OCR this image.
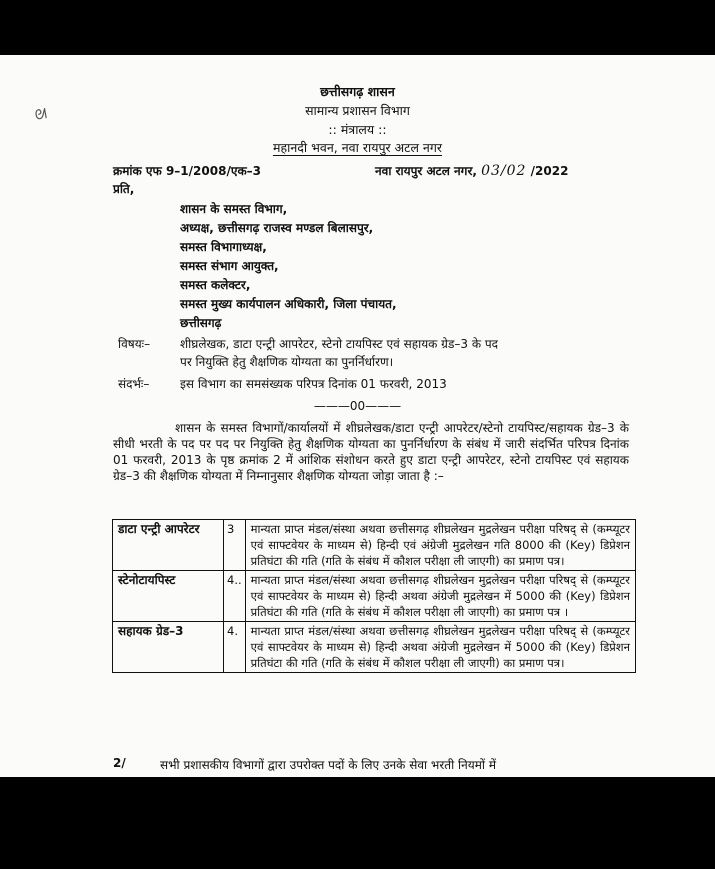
ᘛ
छत्तीसगढ़ शासन
सामान्य प्रशासन विभाग
:: मंत्रालय ::
महानदी भवन, नवा रायपुर अटल नगर
क्रमांक एफ 9–1/2008/एक–3	नवा रायपुर अटल नगर, 03/02 /2022
प्रति,
शासन के समस्त विभाग,
अध्यक्ष, छत्तीसगढ़ राजस्व मण्डल बिलासपुर,
समस्त विभागाध्यक्ष,
समस्त संभाग आयुक्त,
समस्त कलेक्टर,
समस्त मुख्य कार्यपालन अधिकारी, जिला पंचायत,
छत्तीसगढ़
विषयः– शीघ्रलेखक, डाटा एन्ट्री आपरेटर, स्टेनो टायपिस्ट एवं सहायक ग्रेड–3 के पद
पर नियुक्ति हेतु शैक्षणिक योग्यता का पुनर्निर्धारण।
संदर्भः–	इस विभाग का समसंख्यक परिपत्र दिनांक 01 फरवरी, 2013
———00———
शासन के समस्त विभागों/कार्यालयों में शीघ्रलेखक/डाटा एन्ट्री आपरेटर/स्टेनो टायपिस्ट/सहायक ग्रेड–3 के सीधी भरती के पद पर पद पर नियुक्ति हेतु शैक्षणिक योग्यता का पुनर्निर्धारण के संबंध में जारी संदर्भित परिपत्र दिनांक 01 फरवरी, 2013 के पृष्ठ क्रमांक 2 में आंशिक संशोधन करते हुए डाटा एन्ट्री आपरेटर, स्टेनो टायपिस्ट एवं सहायक ग्रेड–3 की शैक्षणिक योग्यता में निम्नानुसार शैक्षणिक योग्यता जोड़ा जाता है :–
डाटा एन्ट्री आपरेटर	3	मान्यता प्राप्त मंडल/संस्था अथवा छत्तीसगढ़ शीघ्रलेखन मुद्रलेखन परीक्षा परिषद् से (कम्प्यूटर एवं साफ्टवेयर के माध्यम से) हिन्दी एवं अंग्रेजी मुद्रलेखन गति 8000 की (Key) डिप्रेशन प्रतिघंटा की गति (गति के संबंध में कौशल परीक्षा ली जाएगी) का प्रमाण पत्र।
स्टेनोटायपिस्ट	4..	मान्यता प्राप्त मंडल/संस्था अथवा छत्तीसगढ़ शीघ्रलेखन मुद्रलेखन परीक्षा परिषद् से (कम्प्यूटर एवं साफ्टवेयर के माध्यम से) हिन्दी अथवा अंग्रेजी मुद्रलेखन में 5000 की (Key) डिप्रेशन प्रतिघंटा की गति (गति के संबंध में कौशल परीक्षा ली जाएगी) का प्रमाण पत्र ।
सहायक ग्रेड–3	4.	मान्यता प्राप्त मंडल/संस्था अथवा छत्तीसगढ़ शीघ्रलेखन मुद्रलेखन परीक्षा परिषद् से (कम्प्यूटर एवं साफ्टवेयर के माध्यम से) हिन्दी अथवा अंग्रेजी मुद्रलेखन में 5000 की (Key) डिप्रेशन प्रतिघंटा की गति (गति के संबंध में कौशल परीक्षा ली जाएगी) का प्रमाण पत्र।
2/	सभी प्रशासकीय विभागों द्वारा उपरोक्त पदों के लिए उनके सेवा भरती नियमों में
